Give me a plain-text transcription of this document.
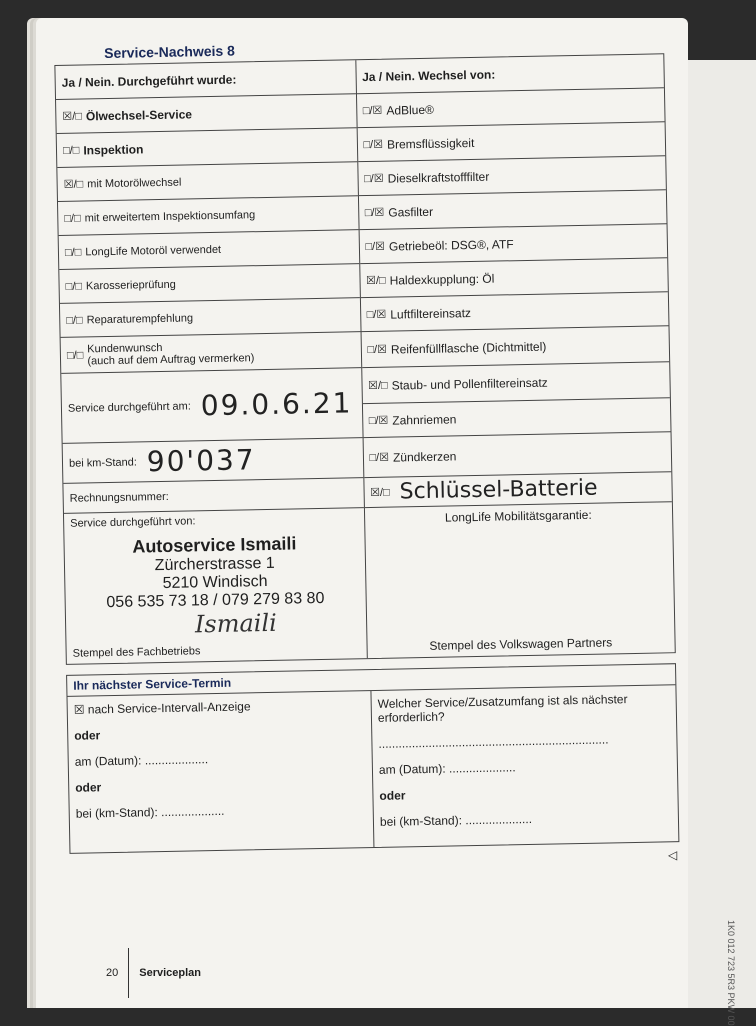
1K0 012 723 5R3 PKW 00
Service-Nachweis 8
Ja / Nein. Durchgeführt wurde:
☒/□ Ölwechsel-Service
□/□ Inspektion
☒/□ mit Motorölwechsel
□/□ mit erweitertem Inspektionsumfang
□/□ LongLife Motoröl verwendet
□/□ Karosserieprüfung
□/□ Reparaturempfehlung
□/□
Kundenwunsch
(auch auf dem Auftrag vermerken)
Service durchgeführt am: 09.0.6.21
bei km-Stand: 90'037
Rechnungsnummer:
Service durchgeführt von:
Autoservice Ismaili
Zürcherstrasse 1
5210 Windisch
056 535 73 18 / 079 279 83 80
Ismaili
Stempel des Fachbetriebs
Ja / Nein. Wechsel von:
□/☒ AdBlue®
□/☒ Bremsflüssigkeit
□/☒ Dieselkraftstofffilter
□/☒ Gasfilter
□/☒ Getriebeöl: DSG®, ATF
☒/□ Haldexkupplung: Öl
□/☒ Luftfiltereinsatz
□/☒ Reifenfüllflasche (Dichtmittel)
☒/□ Staub- und Pollenfiltereinsatz
□/☒ Zahnriemen
□/☒ Zündkerzen
☒/□ Schlüssel-Batterie
LongLife Mobilitätsgarantie:
Stempel des Volkswagen Partners
Ihr nächster Service-Termin
☒ nach Service-Intervall-Anzeige
oder
am (Datum): ...................
oder
bei (km-Stand): ...................
Welcher Service/Zusatzumfang ist als nächster erforderlich?
.....................................................................
am (Datum): ....................
oder
bei (km-Stand): ....................
◁
20 Serviceplan
